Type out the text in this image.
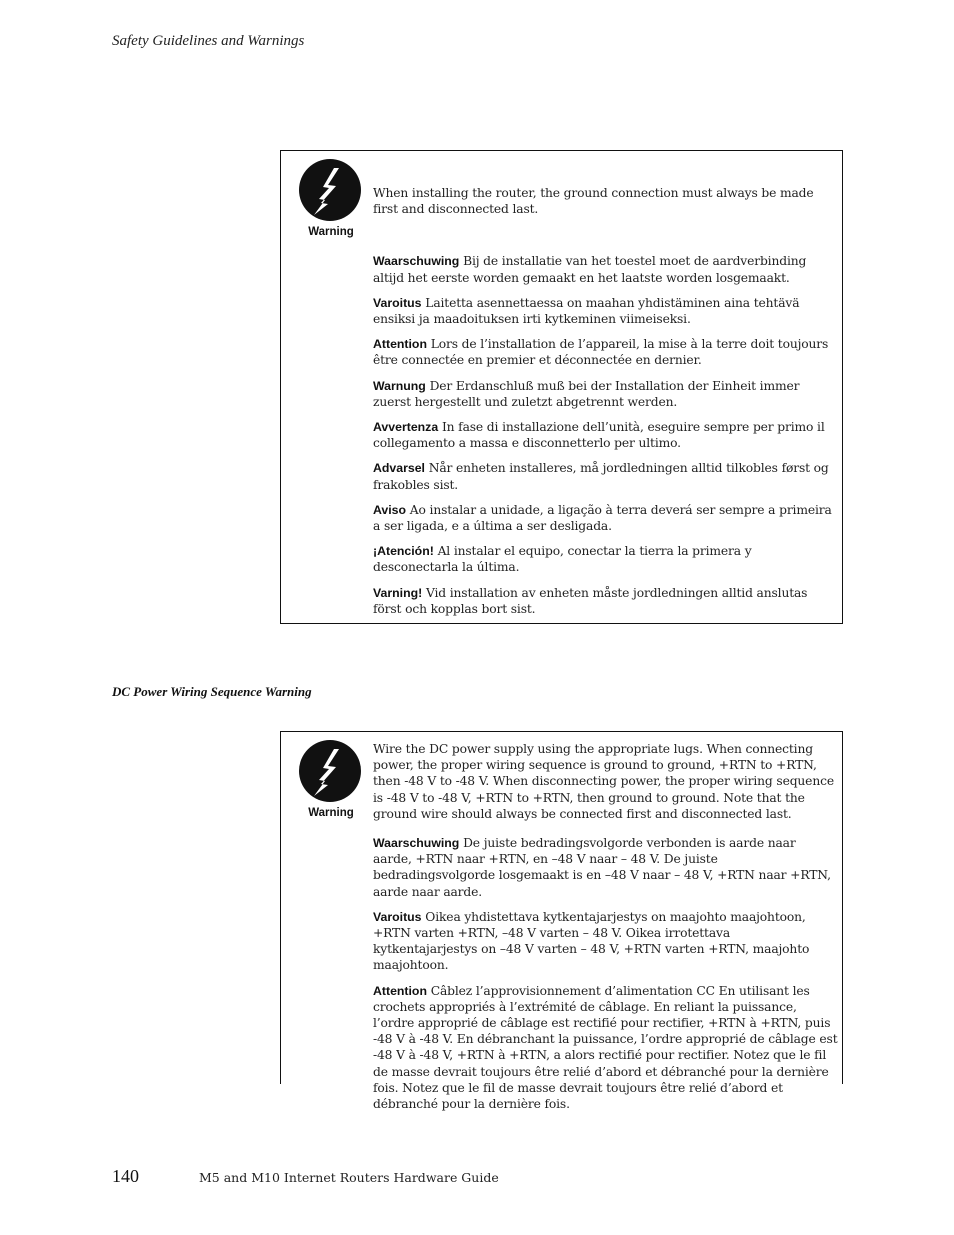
Safety Guidelines and Warnings
Warning

When installing the router, the ground connection must always be made first and disconnected last.

Waarschuwing Bij de installatie van het toestel moet de aardverbinding altijd het eerste worden gemaakt en het laatste worden losgemaakt.

Varoitus Laitetta asennettaessa on maahan yhdistäminen aina tehtävä ensiksi ja maadoituksen irti kytkeminen viimeiseksi.

Attention Lors de l’installation de l’appareil, la mise à la terre doit toujours être connectée en premier et déconnectée en dernier.

Warnung Der Erdanschluß muß bei der Installation der Einheit immer zuerst hergestellt und zuletzt abgetrennt werden.

Avvertenza In fase di installazione dell’unità, eseguire sempre per primo il collegamento a massa e disconnetterlo per ultimo.

Advarsel Når enheten installeres, må jordledningen alltid tilkobles først og frakobles sist.

Aviso Ao instalar a unidade, a ligação à terra deverá ser sempre a primeira a ser ligada, e a última a ser desligada.

¡Atención! Al instalar el equipo, conectar la tierra la primera y desconectarla la última.

Varning! Vid installation av enheten måste jordledningen alltid anslutas först och kopplas bort sist.

DC Power Wiring Sequence Warning
Warning

Wire the DC power supply using the appropriate lugs. When connecting power, the proper wiring sequence is ground to ground, +RTN to +RTN, then -48 V to -48 V. When disconnecting power, the proper wiring sequence is -48 V to -48 V, +RTN to +RTN, then ground to ground. Note that the ground wire should always be connected first and disconnected last.

Waarschuwing De juiste bedradingsvolgorde verbonden is aarde naar aarde, +RTN naar +RTN, en –48 V naar – 48 V. De juiste bedradingsvolgorde losgemaakt is en –48 V naar – 48 V, +RTN naar +RTN, aarde naar aarde.

Varoitus Oikea yhdistettava kytkentajarjestys on maajohto maajohtoon, +RTN varten +RTN, –48 V varten – 48 V. Oikea irrotettava kytkentajarjestys on –48 V varten – 48 V, +RTN varten +RTN, maajohto maajohtoon.

Attention Câblez l’approvisionnement d’alimentation CC En utilisant les crochets appropriés à l’extrémité de câblage. En reliant la puissance, l’ordre approprié de câblage est rectifié pour rectifier, +RTN à +RTN, puis -48 V à -48 V. En débranchant la puissance, l’ordre approprié de câblage est -48 V à -48 V, +RTN à +RTN, a alors rectifié pour rectifier. Notez que le fil de masse devrait toujours être relié d’abord et débranché pour la dernière fois. Notez que le fil de masse devrait toujours être relié d’abord et débranché pour la dernière fois.

140	M5 and M10 Internet Routers Hardware Guide
